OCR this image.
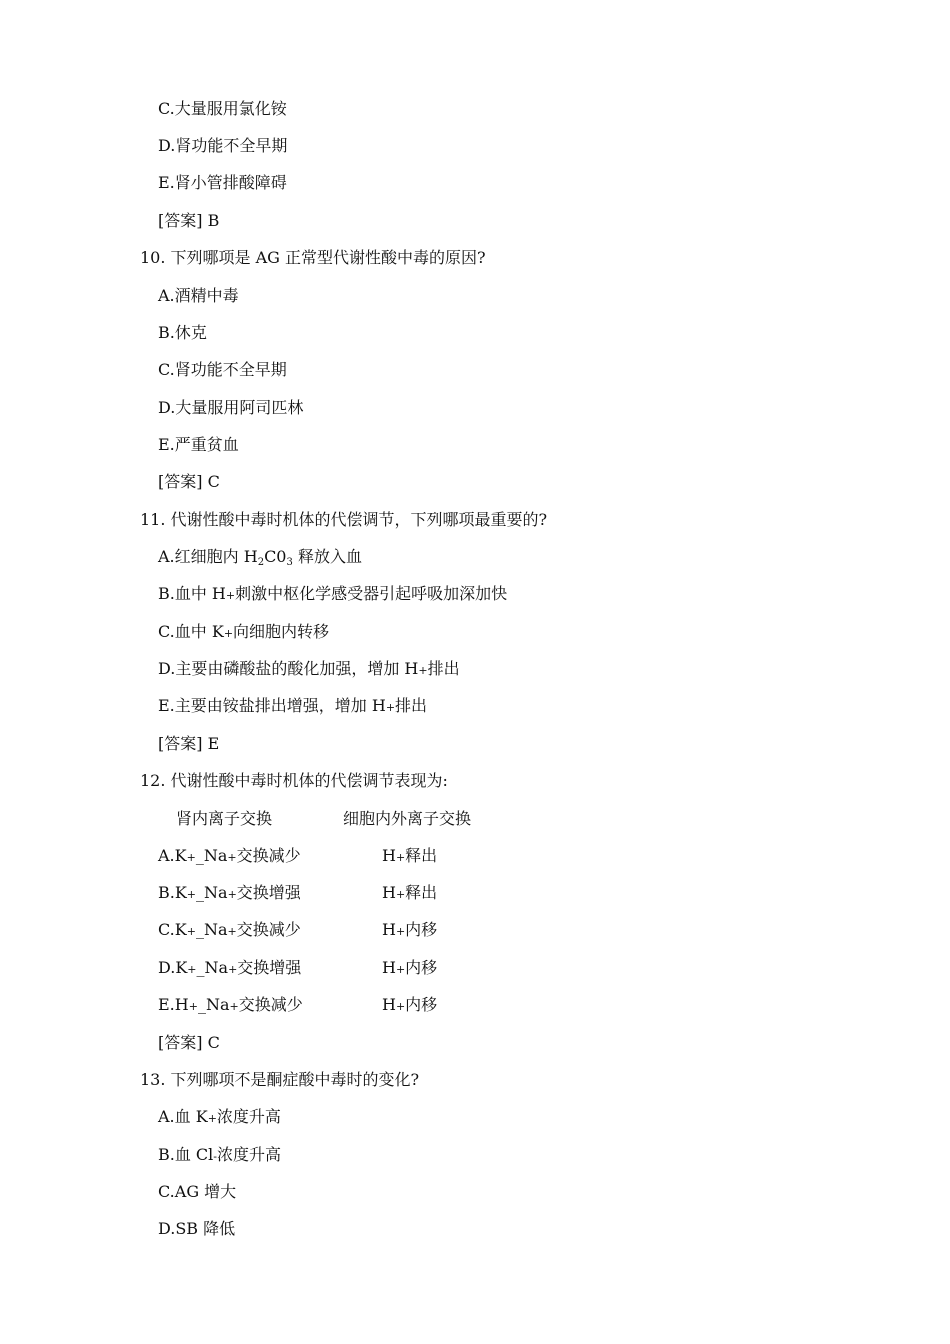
C.大量服用氯化铵
D.肾功能不全早期
E.肾小管排酸障碍
[答案] B
10. 下列哪项是 AG 正常型代谢性酸中毒的原因?
A.酒精中毒
B.休克
C.肾功能不全早期
D.大量服用阿司匹林
E.严重贫血
[答案] C
11. 代谢性酸中毒时机体的代偿调节，下列哪项最重要的?
A.红细胞内 $H_2C0_3$ 释放入血
B.血中 H+刺激中枢化学感受器引起呼吸加深加快
C.血中 K+向细胞内转移
D.主要由磷酸盐的酸化加强，增加 H+排出
E.主要由铵盐排出增强，增加 H+排出
[答案] E
12. 代谢性酸中毒时机体的代偿调节表现为:
肾内离子交换	细胞内外离子交换
A.K+_Na+交换减少	H+释出
B.K+_Na+交换增强	H+释出
C.K+_Na+交换减少	H+内移
D.K+_Na+交换增强	H+内移
E.H+_Na+交换减少	H+内移
[答案] C
13. 下列哪项不是酮症酸中毒时的变化?
A.血 K+浓度升高
B.血 Cl-浓度升高
C.AG 增大
D.SB 降低
